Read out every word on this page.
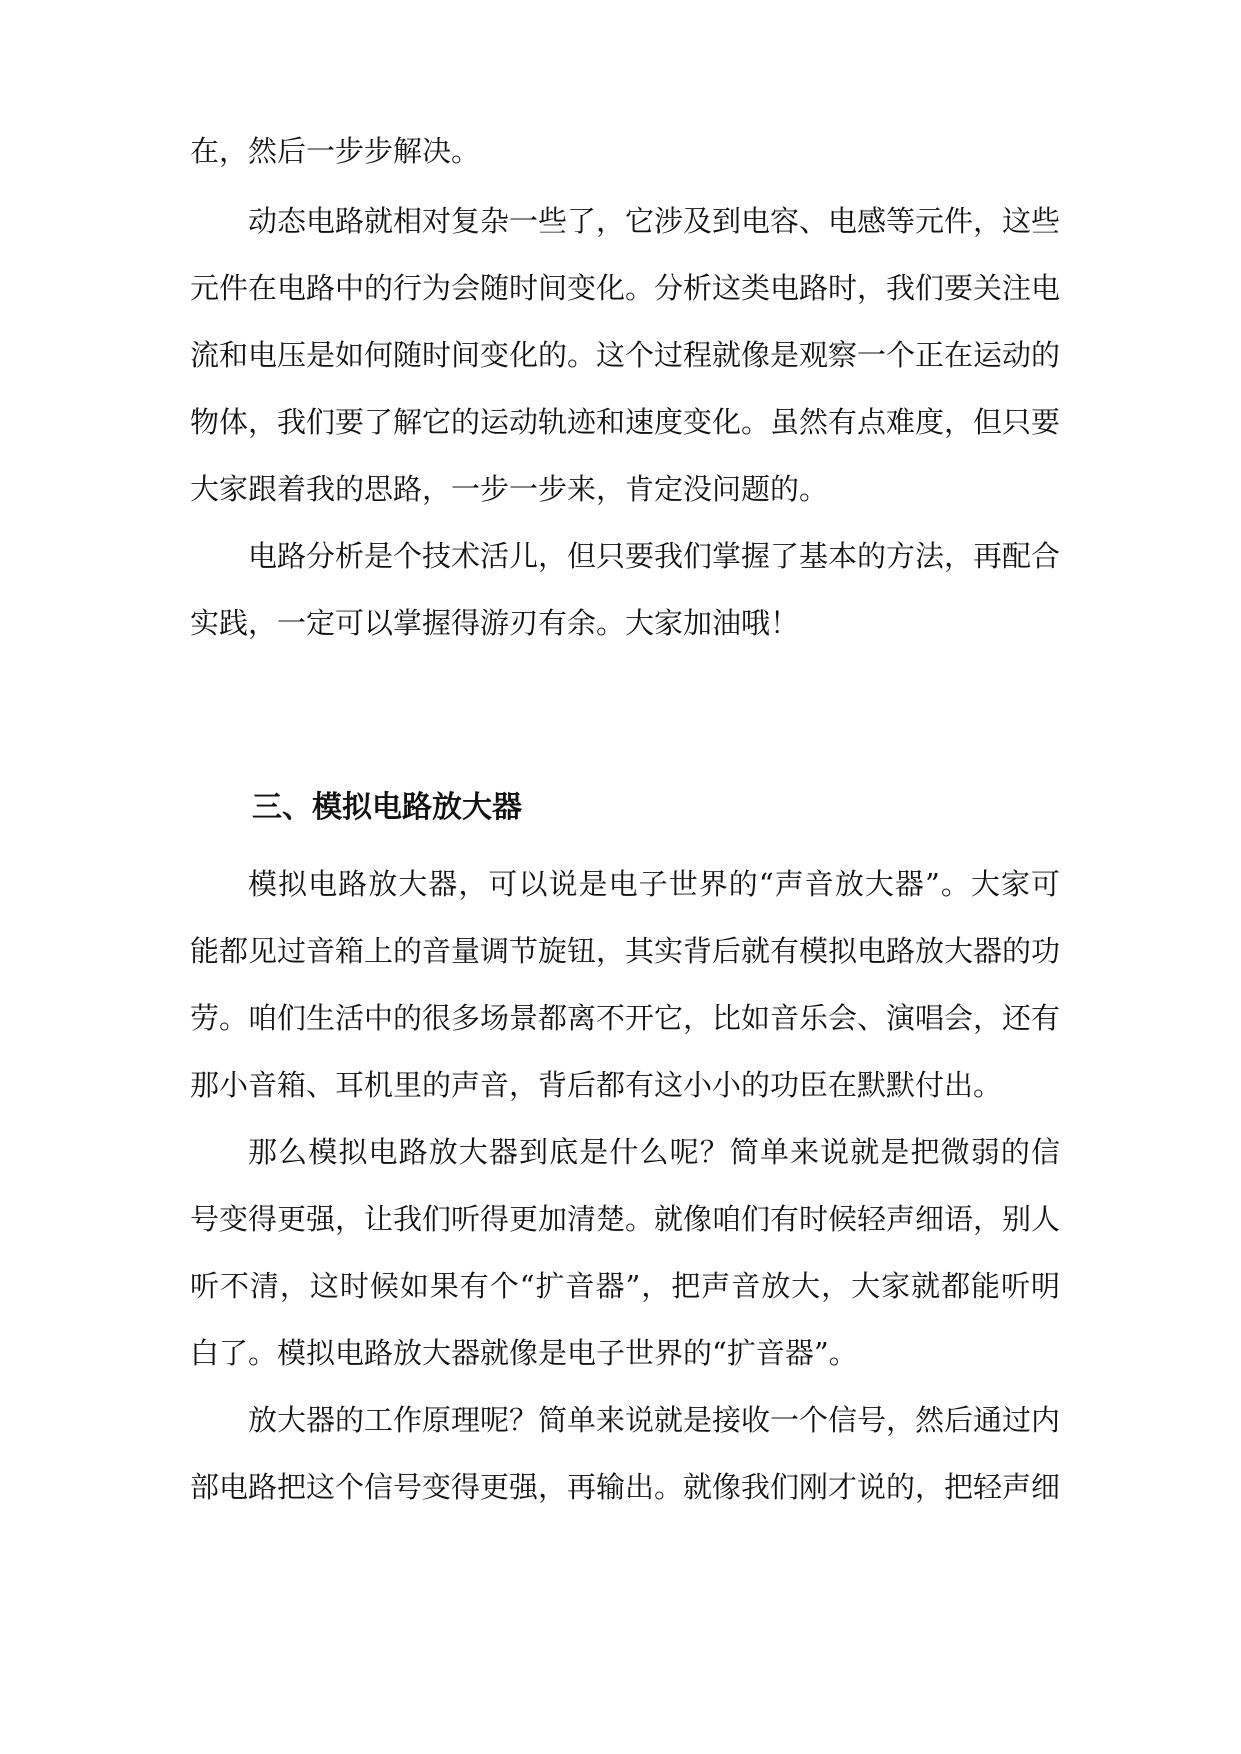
在，然后一步步解决。
动态电路就相对复杂一些了，它涉及到电容、电感等元件，这些
元件在电路中的行为会随时间变化。分析这类电路时，我们要关注电
流和电压是如何随时间变化的。这个过程就像是观察一个正在运动的
物体，我们要了解它的运动轨迹和速度变化。虽然有点难度，但只要
大家跟着我的思路，一步一步来，肯定没问题的。
电路分析是个技术活儿，但只要我们掌握了基本的方法，再配合
实践，一定可以掌握得游刃有余。大家加油哦！
三、模拟电路放大器
模拟电路放大器，可以说是电子世界的“声音放大器”。大家可
能都见过音箱上的音量调节旋钮，其实背后就有模拟电路放大器的功
劳。咱们生活中的很多场景都离不开它，比如音乐会、演唱会，还有
那小音箱、耳机里的声音，背后都有这小小的功臣在默默付出。
那么模拟电路放大器到底是什么呢？简单来说就是把微弱的信
号变得更强，让我们听得更加清楚。就像咱们有时候轻声细语，别人
听不清，这时候如果有个“扩音器”，把声音放大，大家就都能听明
白了。模拟电路放大器就像是电子世界的“扩音器”。
放大器的工作原理呢？简单来说就是接收一个信号，然后通过内
部电路把这个信号变得更强，再输出。就像我们刚才说的，把轻声细
